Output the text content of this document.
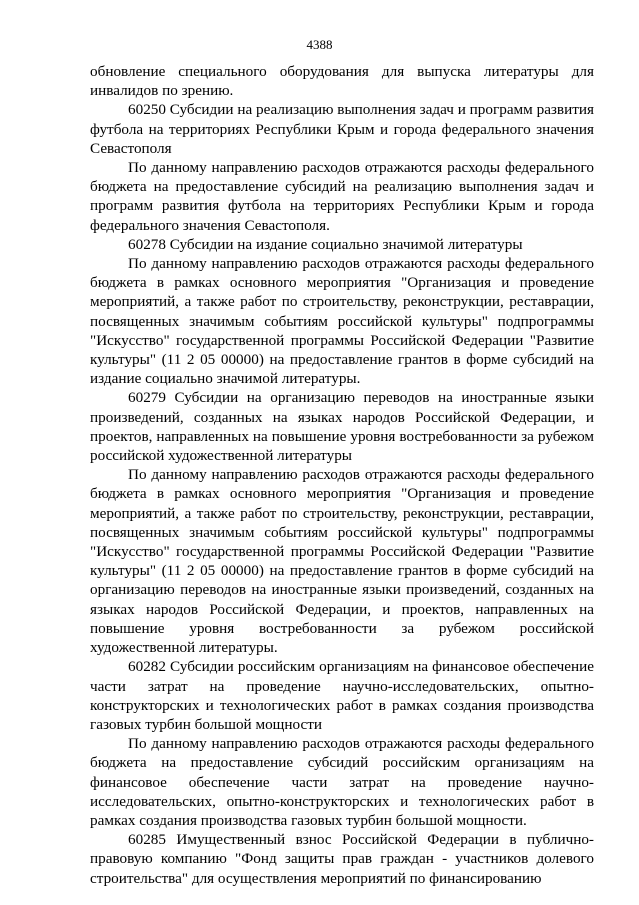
4388

обновление специального оборудования для выпуска литературы для инвалидов по зрению.

60250 Субсидии на реализацию выполнения задач и программ развития футбола на территориях Республики Крым и города федерального значения Севастополя

По данному направлению расходов отражаются расходы федерального бюджета на предоставление субсидий на реализацию выполнения задач и программ развития футбола на территориях Республики Крым и города федерального значения Севастополя.

60278 Субсидии на издание социально значимой литературы

По данному направлению расходов отражаются расходы федерального бюджета в рамках основного мероприятия "Организация и проведение мероприятий, а также работ по строительству, реконструкции, реставрации, посвященных значимым событиям российской культуры" подпрограммы "Искусство" государственной программы Российской Федерации "Развитие культуры" (11 2 05 00000) на предоставление грантов в форме субсидий на издание социально значимой литературы.

60279 Субсидии на организацию переводов на иностранные языки произведений, созданных на языках народов Российской Федерации, и проектов, направленных на повышение уровня востребованности за рубежом российской художественной литературы

По данному направлению расходов отражаются расходы федерального бюджета в рамках основного мероприятия "Организация и проведение мероприятий, а также работ по строительству, реконструкции, реставрации, посвященных значимым событиям российской культуры" подпрограммы "Искусство" государственной программы Российской Федерации "Развитие культуры" (11 2 05 00000) на предоставление грантов в форме субсидий на организацию переводов на иностранные языки произведений, созданных на языках народов Российской Федерации, и проектов, направленных на повышение уровня востребованности за рубежом российской художественной литературы.

60282 Субсидии российским организациям на финансовое обеспечение части затрат на проведение научно-исследовательских, опытно-конструкторских и технологических работ в рамках создания производства газовых турбин большой мощности

По данному направлению расходов отражаются расходы федерального бюджета на предоставление субсидий российским организациям на финансовое обеспечение части затрат на проведение научно-исследовательских, опытно-конструкторских и технологических работ в рамках создания производства газовых турбин большой мощности.

60285 Имущественный взнос Российской Федерации в публично-правовую компанию "Фонд защиты прав граждан - участников долевого строительства" для осуществления мероприятий по финансированию
